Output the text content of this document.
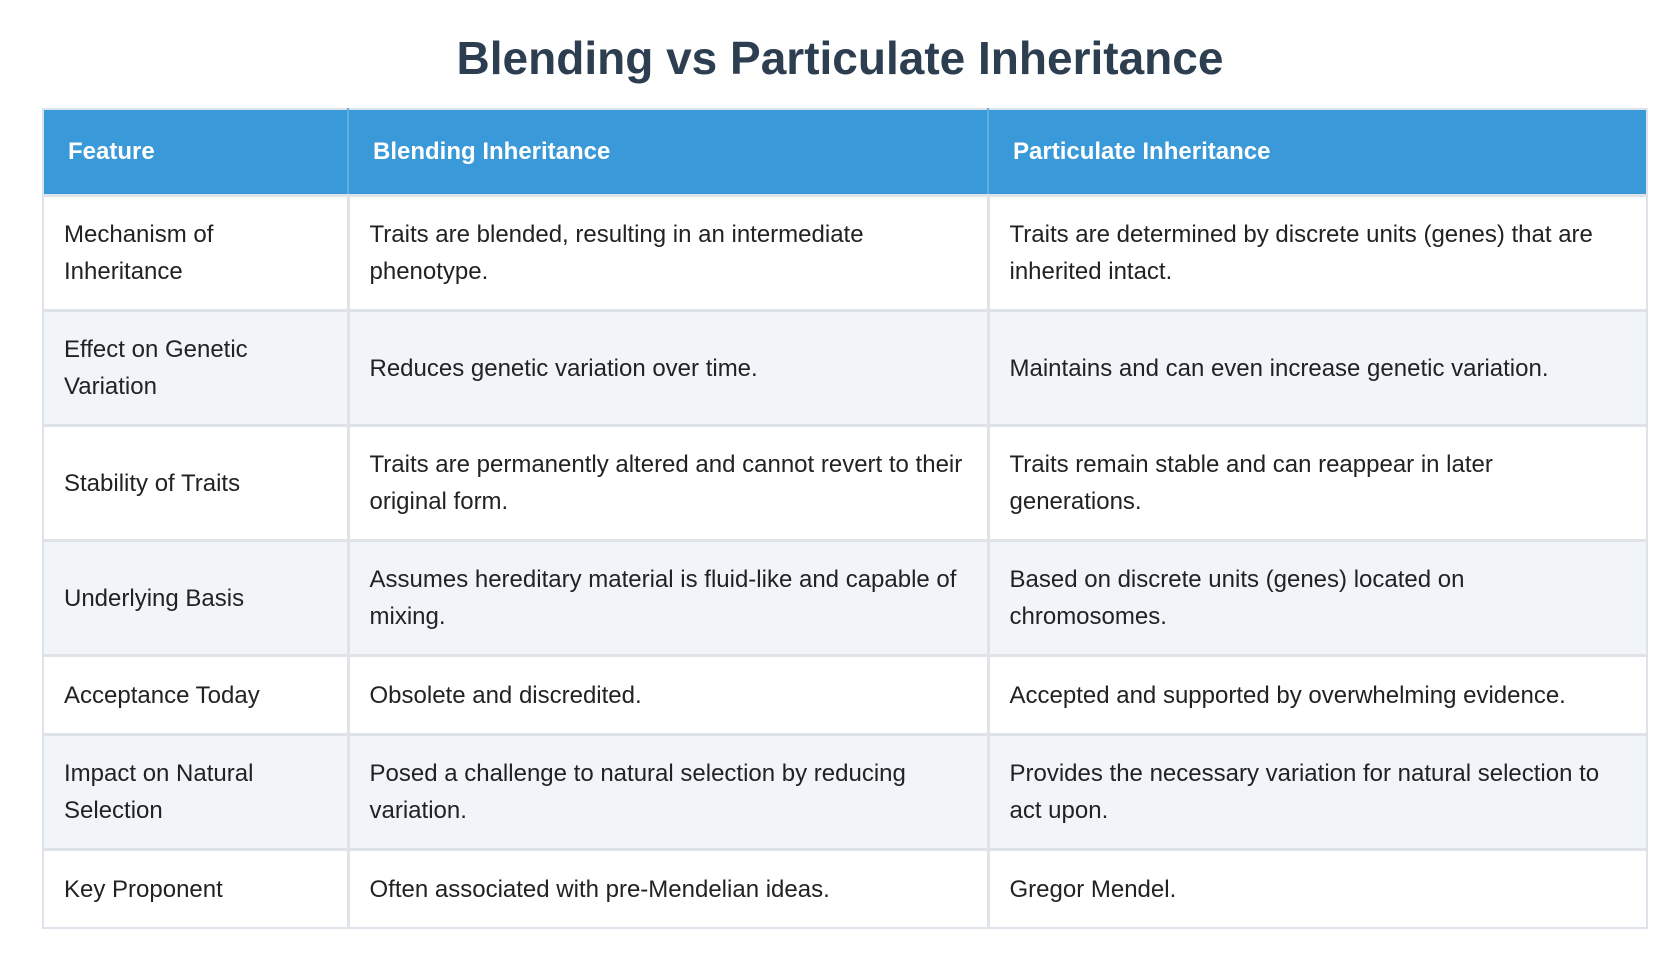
Blending vs Particulate Inheritance
Feature	Blending Inheritance	Particulate Inheritance
Mechanism of Inheritance	Traits are blended, resulting in an intermediate phenotype.	Traits are determined by discrete units (genes) that are inherited intact.
Effect on Genetic Variation	Reduces genetic variation over time.	Maintains and can even increase genetic variation.
Stability of Traits	Traits are permanently altered and cannot revert to their original form.	Traits remain stable and can reappear in later generations.
Underlying Basis	Assumes hereditary material is fluid-like and capable of mixing.	Based on discrete units (genes) located on chromosomes.
Acceptance Today	Obsolete and discredited.	Accepted and supported by overwhelming evidence.
Impact on Natural Selection	Posed a challenge to natural selection by reducing variation.	Provides the necessary variation for natural selection to act upon.
Key Proponent	Often associated with pre-Mendelian ideas.	Gregor Mendel.
